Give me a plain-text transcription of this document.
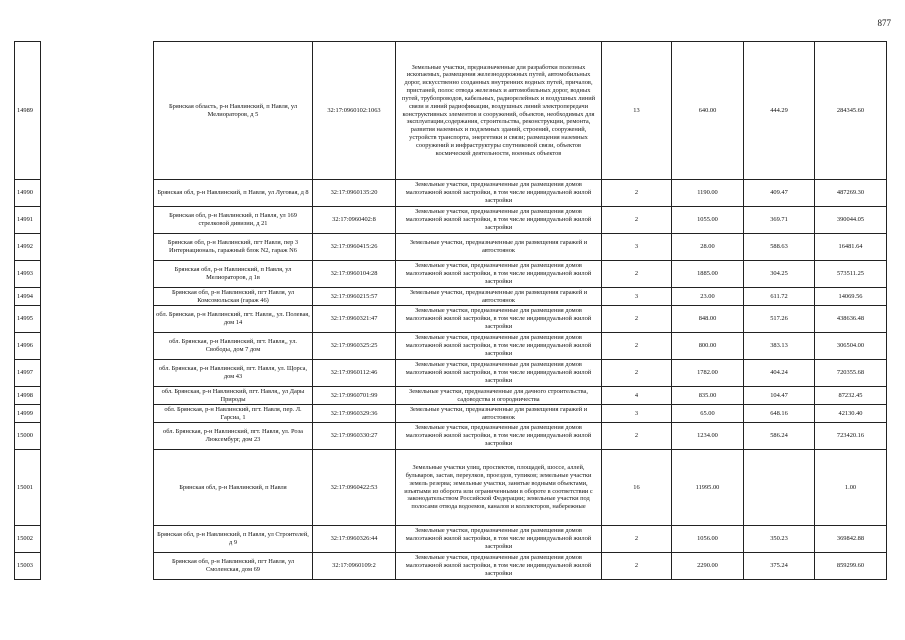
877
14989		Брянская область, р-н Навлинский, п Навля, ул Мелиораторов, д 5	32:17:0960102:1063	Земельные участки, предназначенные для разработки полезных ископаемых, размещения железнодорожных путей, автомобильных дорог, искусственно созданных внутренних водных путей, причалов, пристаней, полос отвода железных и автомобильных дорог, водных путей, трубопроводов, кабельных, радиорелейных и воздушных линий связи и линий радиофикации, воздушных линий электропередачи конструктивных элементов и сооружений, объектов, необходимых для эксплуатации,содержания, строительства, реконструкции, ремонта, развития наземных и подземных зданий, строений, сооружений, устройств транспорта, энергетики и связи; размещения наземных сооружений и инфраструктуры спутниковой связи, объектов космической деятельности, военных объектов	13	640.00	444.29	284345.60
14990		Брянская обл, р-н Навлинский, п Навля, ул Луговая, д 8	32:17:0960135:20	Земельные участки, предназначенные для размещения домов малоэтажной жилой застройки, в том числе индивидуальной жилой застройки	2	1190.00	409.47	487269.30
14991		Брянская обл, р-н Навлинский, п Навля, ул 169 стрелковой дивизии, д 21	32:17:0960402:8	Земельные участки, предназначенные для размещения домов малоэтажной жилой застройки, в том числе индивидуальной жилой застройки	2	1055.00	369.71	390044.05
14992		Брянская обл, р-н Навлинский, пгт Навля, пер 3 Интернациональ, гаражный блок N2, гараж N6	32:17:0960415:26	Земельные участки, предназначенные для размещения гаражей и автостоянок	3	28.00	588.63	16481.64
14993		Брянская обл, р-н Навлинский, п Навля, ул Мелиораторов, д 1в	32:17:0960104:28	Земельные участки, предназначенные для размещения домов малоэтажной жилой застройки, в том числе индивидуальной жилой застройки	2	1885.00	304.25	573511.25
14994		Брянская обл, р-н Навлинский, пгт Навля, ул Комсомольская (гараж 46)	32:17:0960215:57	Земельные участки, предназначенные для размещения гаражей и автостоянок	3	23.00	611.72	14069.56
14995		обл. Брянская, р-н Навлинский, пгт. Навля,, ул. Полевая, дом 14	32:17:0960321:47	Земельные участки, предназначенные для размещения домов малоэтажной жилой застройки, в том числе индивидуальной жилой застройки	2	848.00	517.26	438636.48
14996		обл. Брянская, р-н Навлинский, пгт. Навля,, ул. Свободы, дом 7 дом	32:17:0960325:25	Земельные участки, предназначенные для размещения домов малоэтажной жилой застройки, в том числе индивидуальной жилой застройки	2	800.00	383.13	306504.00
14997		обл. Брянская, р-н Навлинский, пгт. Навля, ул. Щорса, дом 43	32:17:0960112:46	Земельные участки, предназначенные для размещения домов малоэтажной жилой застройки, в том числе индивидуальной жилой застройки	2	1782.00	404.24	720355.68
14998		обл. Брянская, р-н Навлинский, пгт. Навля,, ул Дары Природы	32:17:0960701:99	Земельные участки, предназначенные для дачного строительства, садоводства и огородничества	4	835.00	104.47	87232.45
14999		обл. Брянская, р-н Навлинский, пгт. Навля, пер. Л. Гарсиа, 1	32:17:0960329:36	Земельные участки, предназначенные для размещения гаражей и автостоянок	3	65.00	648.16	42130.40
15000		обл. Брянская, р-н Навлинский, пгт. Навля, ул. Роза Люксембург, дом 23	32:17:0960330:27	Земельные участки, предназначенные для размещения домов малоэтажной жилой застройки, в том числе индивидуальной жилой застройки	2	1234.00	586.24	723420.16
15001		Брянская обл, р-н Навлинский, п Навля	32:17:0960422:53	Земельные участки улиц, проспектов, площадей, шоссе, аллей, бульваров, застав, переулков, проездов, тупиков; земельные участки земель резерва; земельные участки, занятые водными объектами, изъятыми из оборота или ограниченными в обороте в соответствии с законодательством Российской Федерации; земельные участки под полосами отвода водоемов, каналов и коллекторов, набережные	16	11995.00		1.00
15002		Брянская обл, р-н Навлинский, п Навля, ул Строителей, д 9	32:17:0960326:44	Земельные участки, предназначенные для размещения домов малоэтажной жилой застройки, в том числе индивидуальной жилой застройки	2	1056.00	350.23	369842.88
15003		Брянская обл, р-н Навлинский, пгт Навля, ул Смоленская, дом 69	32:17:0960109:2	Земельные участки, предназначенные для размещения домов малоэтажной жилой застройки, в том числе индивидуальной жилой застройки	2	2290.00	375.24	859299.60
